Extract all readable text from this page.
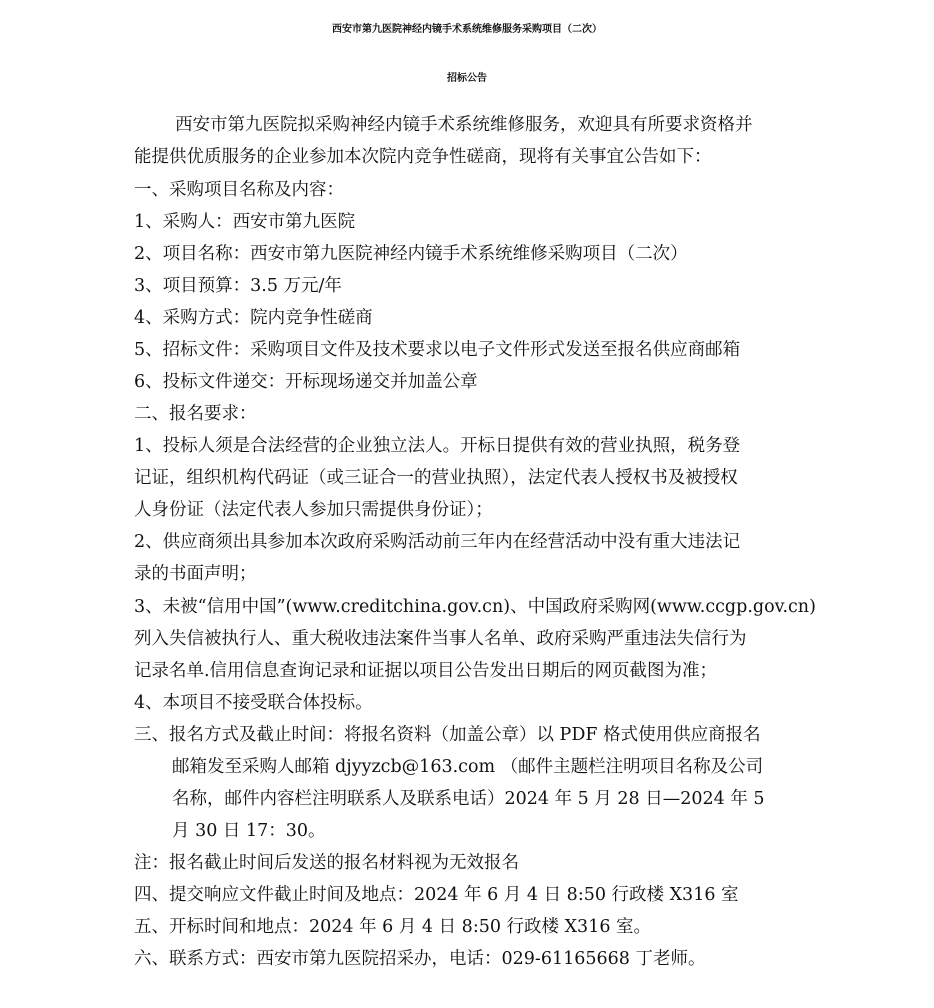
西安市第九医院神经内镜手术系统维修服务采购项目（二次）
招标公告
西安市第九医院拟采购神经内镜手术系统维修服务，欢迎具有所要求资格并
能提供优质服务的企业参加本次院内竞争性磋商，现将有关事宜公告如下：
一、采购项目名称及内容：
1、采购人：西安市第九医院
2、项目名称：西安市第九医院神经内镜手术系统维修采购项目（二次）
3、项目预算：3.5 万元/年
4、采购方式：院内竞争性磋商
5、招标文件：采购项目文件及技术要求以电子文件形式发送至报名供应商邮箱
6、投标文件递交：开标现场递交并加盖公章
二、报名要求：
1、投标人须是合法经营的企业独立法人。开标日提供有效的营业执照，税务登
记证，组织机构代码证（或三证合一的营业执照），法定代表人授权书及被授权
人身份证（法定代表人参加只需提供身份证）；
2、供应商须出具参加本次政府采购活动前三年内在经营活动中没有重大违法记
录的书面声明；
3、未被“信用中国”(www.creditchina.gov.cn)、中国政府采购网(www.ccgp.gov.cn)
列入失信被执行人、重大税收违法案件当事人名单、政府采购严重违法失信行为
记录名单.信用信息查询记录和证据以项目公告发出日期后的网页截图为准；
4、本项目不接受联合体投标。
三、报名方式及截止时间：将报名资料（加盖公章）以 PDF 格式使用供应商报名
邮箱发至采购人邮箱 djyyzcb@163.com （邮件主题栏注明项目名称及公司
名称，邮件内容栏注明联系人及联系电话）2024 年 5 月 28 日—2024 年 5
月 30 日 17：30。
注：报名截止时间后发送的报名材料视为无效报名
四、提交响应文件截止时间及地点：2024 年 6 月 4 日 8:50 行政楼 X316 室
五、开标时间和地点：2024 年 6 月 4 日 8:50 行政楼 X316 室。
六、联系方式：西安市第九医院招采办，电话：029-61165668 丁老师。
